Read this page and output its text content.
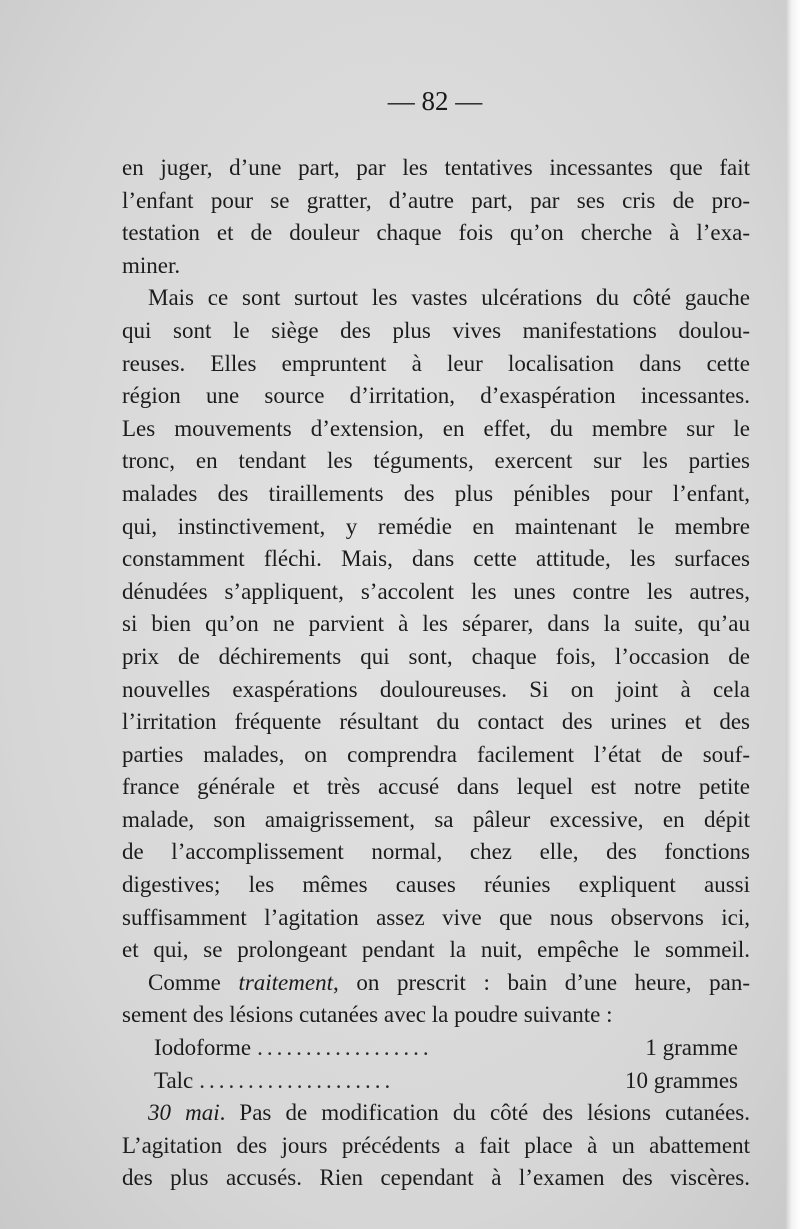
— 82 —
en juger, d’une part, par les tentatives incessantes que fait
l’enfant pour se gratter, d’autre part, par ses cris de pro-
testation et de douleur chaque fois qu’on cherche à l’exa-
miner.
Mais ce sont surtout les vastes ulcérations du côté gauche
qui sont le siège des plus vives manifestations doulou-
reuses. Elles empruntent à leur localisation dans cette
région une source d’irritation, d’exaspération incessantes.
Les mouvements d’extension, en effet, du membre sur le
tronc, en tendant les téguments, exercent sur les parties
malades des tiraillements des plus pénibles pour l’enfant,
qui, instinctivement, y remédie en maintenant le membre
constamment fléchi. Mais, dans cette attitude, les surfaces
dénudées s’appliquent, s’accolent les unes contre les autres,
si bien qu’on ne parvient à les séparer, dans la suite, qu’au
prix de déchirements qui sont, chaque fois, l’occasion de
nouvelles exaspérations douloureuses. Si on joint à cela
l’irritation fréquente résultant du contact des urines et des
parties malades, on comprendra facilement l’état de souf-
france générale et très accusé dans lequel est notre petite
malade, son amaigrissement, sa pâleur excessive, en dépit
de l’accomplissement normal, chez elle, des fonctions
digestives; les mêmes causes réunies expliquent aussi
suffisamment l’agitation assez vive que nous observons ici,
et qui, se prolongeant pendant la nuit, empêche le sommeil.
Comme traitement, on prescrit : bain d’une heure, pan-
sement des lésions cutanées avec la poudre suivante :
Iodoforme ..................	1 gramme
Talc ....................	10 grammes
30 mai. Pas de modification du côté des lésions cutanées.
L’agitation des jours précédents a fait place à un abattement
des plus accusés. Rien cependant à l’examen des viscères.
